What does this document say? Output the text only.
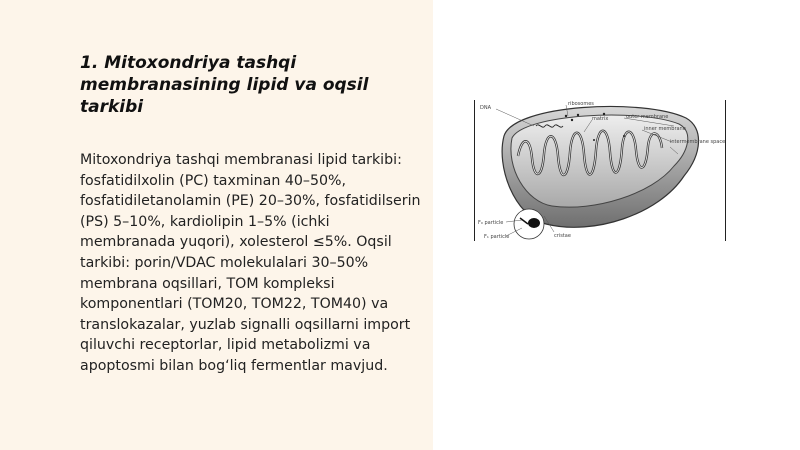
1. Mitoxondriya tashqi membranasining lipid va oqsil tarkibi

Mitoxondriya tashqi membranasi lipid tarkibi: fosfatidilxolin (PC) taxminan 40–50%, fosfatidiletanolamin (PE) 20–30%, fosfatidilserin (PS) 5–10%, kardiolipin 1–5% (ichki membranada yuqori), xolesterol ≤5%. Oqsil tarkibi: porin/VDAC molekulalari 30–50% membrana oqsillari, TOM kompleksi komponentlari (TOM20, TOM22, TOM40) va translokazalar, yuzlab signalli oqsillarni import qiluvchi receptorlar, lipid metabolizmi va apoptosmi bilan bog‘liq fermentlar mavjud.

DNA
ribosomes
matrix	outer membrane
inner membrane
intermembrane space
F₀ particle
F₁ particle	cristae
